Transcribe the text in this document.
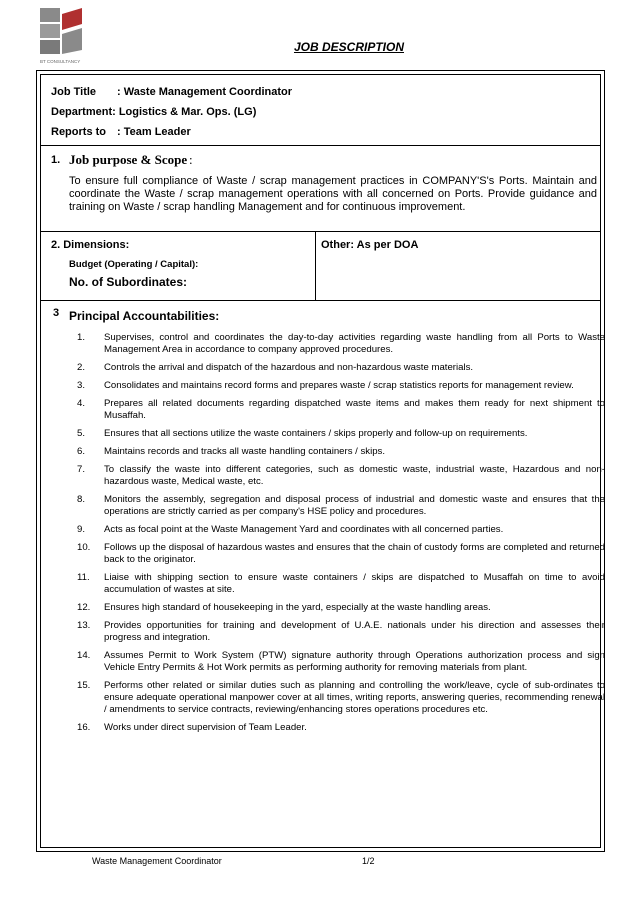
BT CONSULTANCY
JOB DESCRIPTION
Job Title : Waste Management Coordinator
Department: Logistics & Mar. Ops. (LG)
Reports to : Team Leader
1. Job purpose & Scope :
To ensure full compliance of Waste / scrap management practices in COMPANY'S's Ports. Maintain and coordinate the Waste / scrap management operations with all concerned on Ports. Provide guidance and training on Waste / scrap handling Management and for continuous improvement.
2. Dimensions:
Budget (Operating / Capital):
No. of Subordinates:
Other: As per DOA
3 Principal Accountabilities:
1. Supervises, control and coordinates the day-to-day activities regarding waste handling from all Ports to Waste Management Area in accordance to company approved procedures.
2. Controls the arrival and dispatch of the hazardous and non-hazardous waste materials.
3. Consolidates and maintains record forms and prepares waste / scrap statistics reports for management review.
4. Prepares all related documents regarding dispatched waste items and makes them ready for next shipment to Musaffah.
5. Ensures that all sections utilize the waste containers / skips properly and follow-up on requirements.
6. Maintains records and tracks all waste handling containers / skips.
7. To classify the waste into different categories, such as domestic waste, industrial waste, Hazardous and non-hazardous waste, Medical waste, etc.
8. Monitors the assembly, segregation and disposal process of industrial and domestic waste and ensures that the operations are strictly carried as per company's HSE policy and procedures.
9. Acts as focal point at the Waste Management Yard and coordinates with all concerned parties.
10. Follows up the disposal of hazardous wastes and ensures that the chain of custody forms are completed and returned back to the originator.
11. Liaise with shipping section to ensure waste containers / skips are dispatched to Musaffah on time to avoid accumulation of wastes at site.
12. Ensures high standard of housekeeping in the yard, especially at the waste handling areas.
13. Provides opportunities for training and development of U.A.E. nationals under his direction and assesses their progress and integration.
14. Assumes Permit to Work System (PTW) signature authority through Operations authorization process and sign Vehicle Entry Permits & Hot Work permits as performing authority for removing materials from plant.
15. Performs other related or similar duties such as planning and controlling the work/leave, cycle of sub-ordinates to ensure adequate operational manpower cover at all times, writing reports, answering queries, recommending renewal / amendments to service contracts, reviewing/enhancing stores operations procedures etc.
16. Works under direct supervision of Team Leader.
Waste Management Coordinator	1/2
